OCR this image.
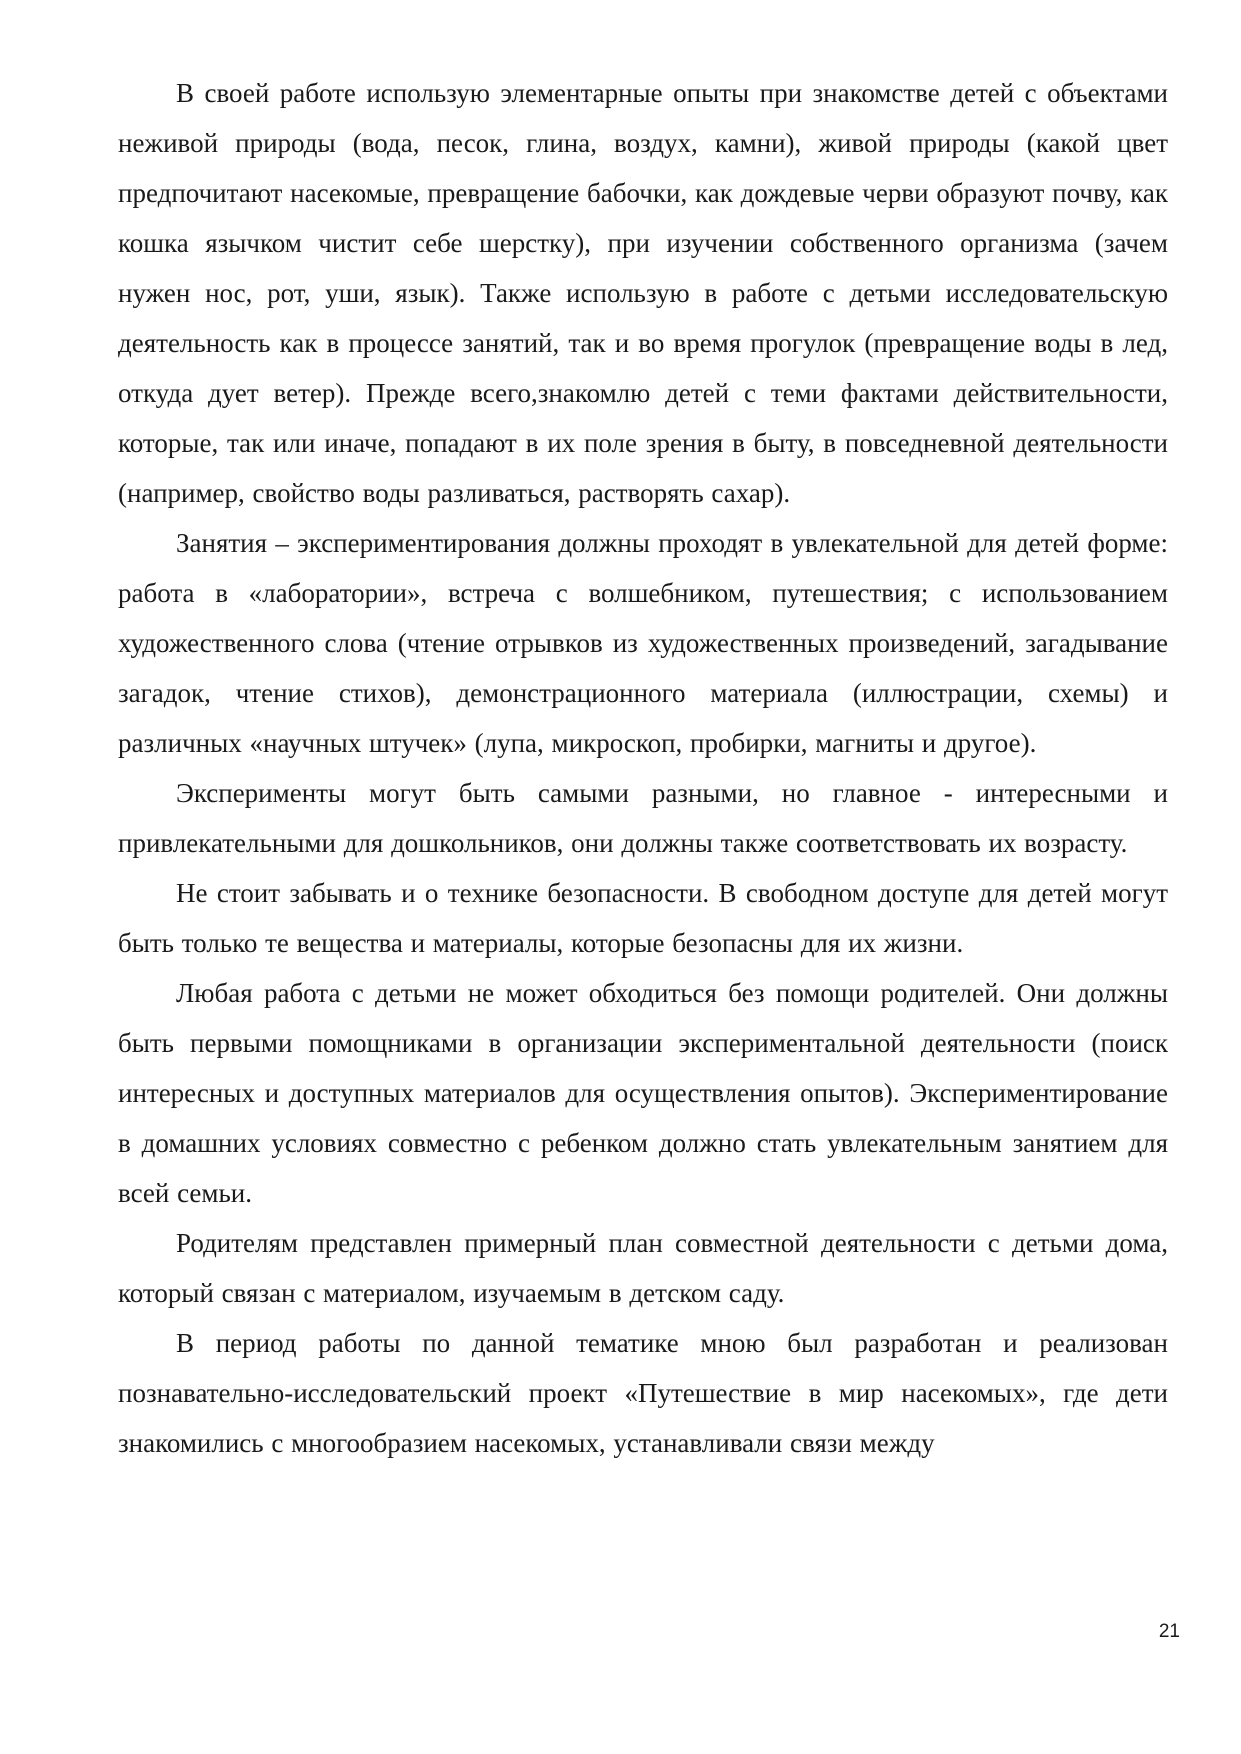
В своей работе использую элементарные опыты при знакомстве детей с объектами неживой природы (вода, песок, глина, воздух, камни), живой природы (какой цвет предпочитают насекомые, превращение бабочки, как дождевые черви образуют почву, как кошка язычком чистит себе шерстку), при изучении собственного организма (зачем нужен нос, рот, уши, язык). Также использую в работе с детьми исследовательскую деятельность как в процессе занятий, так и во время прогулок (превращение воды в лед, откуда дует ветер). Прежде всего,знакомлю детей с теми фактами действительности, которые, так или иначе, попадают в их поле зрения в быту, в повседневной деятельности (например, свойство воды разливаться, растворять сахар).

Занятия – экспериментирования должны проходят в увлекательной для детей форме: работа в «лаборатории», встреча с волшебником, путешествия; с использованием художественного слова (чтение отрывков из художественных произведений, загадывание загадок, чтение стихов), демонстрационного материала (иллюстрации, схемы) и различных «научных штучек» (лупа, микроскоп, пробирки, магниты и другое).

Эксперименты могут быть самыми разными, но главное - интересными и привлекательными для дошкольников, они должны также соответствовать их возрасту.

Не стоит забывать и о технике безопасности. В свободном доступе для детей могут быть только те вещества и материалы, которые безопасны для их жизни.

Любая работа с детьми не может обходиться без помощи родителей. Они должны быть первыми помощниками в организации экспериментальной деятельности (поиск интересных и доступных материалов для осуществления опытов). Экспериментирование в домашних условиях совместно с ребенком должно стать увлекательным занятием для всей семьи.

Родителям представлен примерный план совместной деятельности с детьми дома, который связан с материалом, изучаемым в детском саду.

В период работы по данной тематике мною был разработан и реализован познавательно-исследовательский проект «Путешествие в мир насекомых», где дети знакомились с многообразием насекомых, устанавливали связи между

21
